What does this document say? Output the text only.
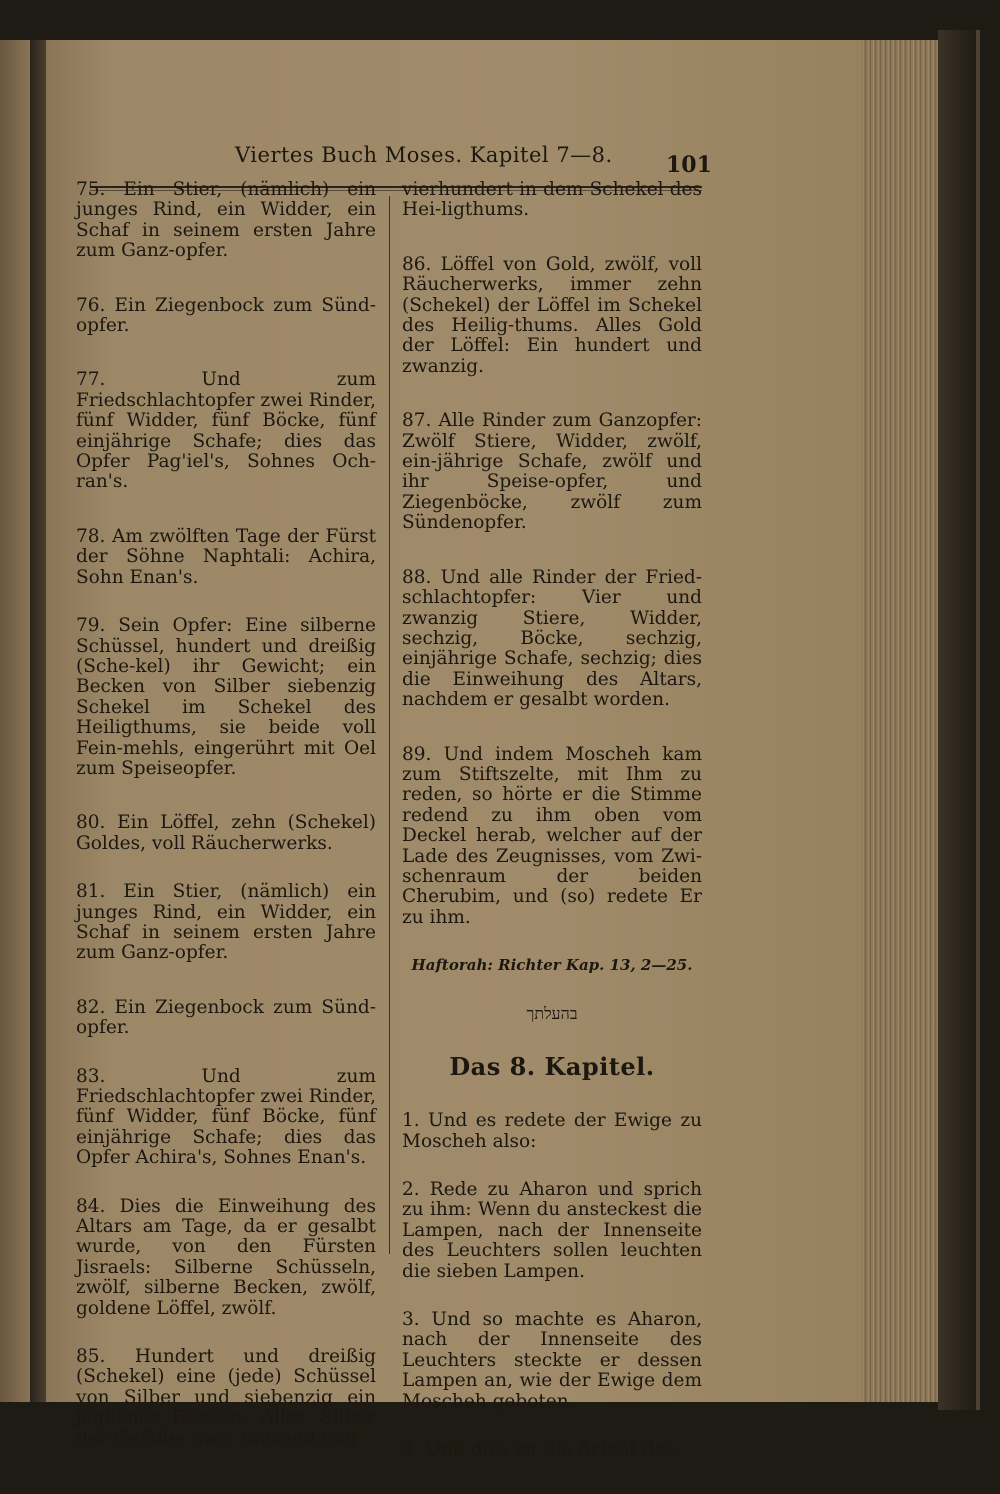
Viertes Buch Moses. Kapitel 7—8. 101

75. Ein Stier, (nämlich) ein junges Rind, ein Widder, ein Schaf in seinem ersten Jahre zum Ganz-opfer.

76. Ein Ziegenbock zum Sünd-opfer.

77. Und zum Friedschlachtopfer zwei Rinder, fünf Widder, fünf Böcke, fünf einjährige Schafe; dies das Opfer Pag'iel's, Sohnes Och-ran's.

78. Am zwölften Tage der Fürst der Söhne Naphtali: Achira, Sohn Enan's.

79. Sein Opfer: Eine silberne Schüssel, hundert und dreißig (Sche-kel) ihr Gewicht; ein Becken von Silber siebenzig Schekel im Schekel des Heiligthums, sie beide voll Fein-mehls, eingerührt mit Oel zum Speiseopfer.

80. Ein Löffel, zehn (Schekel) Goldes, voll Räucherwerks.

81. Ein Stier, (nämlich) ein junges Rind, ein Widder, ein Schaf in seinem ersten Jahre zum Ganz-opfer.

82. Ein Ziegenbock zum Sünd-opfer.

83. Und zum Friedschlachtopfer zwei Rinder, fünf Widder, fünf Böcke, fünf einjährige Schafe; dies das Opfer Achira's, Sohnes Enan's.

84. Dies die Einweihung des Altars am Tage, da er gesalbt wurde, von den Fürsten Jisraels: Silberne Schüsseln, zwölf, silberne Becken, zwölf, goldene Löffel, zwölf.

85. Hundert und dreißig (Schekel) eine (jede) Schüssel von Silber und siebenzig ein jegliches Becken. Alles Silber der Gefäße: zwei tausend und

vierhundert in dem Schekel des Hei-ligthums.

86. Löffel von Gold, zwölf, voll Räucherwerks, immer zehn (Schekel) der Löffel im Schekel des Heilig-thums. Alles Gold der Löffel: Ein hundert und zwanzig.

87. Alle Rinder zum Ganzopfer: Zwölf Stiere, Widder, zwölf, ein-jährige Schafe, zwölf und ihr Speise-opfer, und Ziegenböcke, zwölf zum Sündenopfer.

88. Und alle Rinder der Fried-schlachtopfer: Vier und zwanzig Stiere, Widder, sechzig, Böcke, sechzig, einjährige Schafe, sechzig; dies die Einweihung des Altars, nachdem er gesalbt worden.

89. Und indem Moscheh kam zum Stiftszelte, mit Ihm zu reden, so hörte er die Stimme redend zu ihm oben vom Deckel herab, welcher auf der Lade des Zeugnisses, vom Zwi-schenraum der beiden Cherubim, und (so) redete Er zu ihm.

Haftorah: Richter Kap. 13, 2—25.
בהעלתך
Das 8. Kapitel.

1. Und es redete der Ewige zu Moscheh also:

2. Rede zu Aharon und sprich zu ihm: Wenn du ansteckest die Lampen, nach der Innenseite des Leuchters sollen leuchten die sieben Lampen.

3. Und so machte es Aharon, nach der Innenseite des Leuchters steckte er dessen Lampen an, wie der Ewige dem Moscheh geboten.

4. Und dies ist die Arbeit des
